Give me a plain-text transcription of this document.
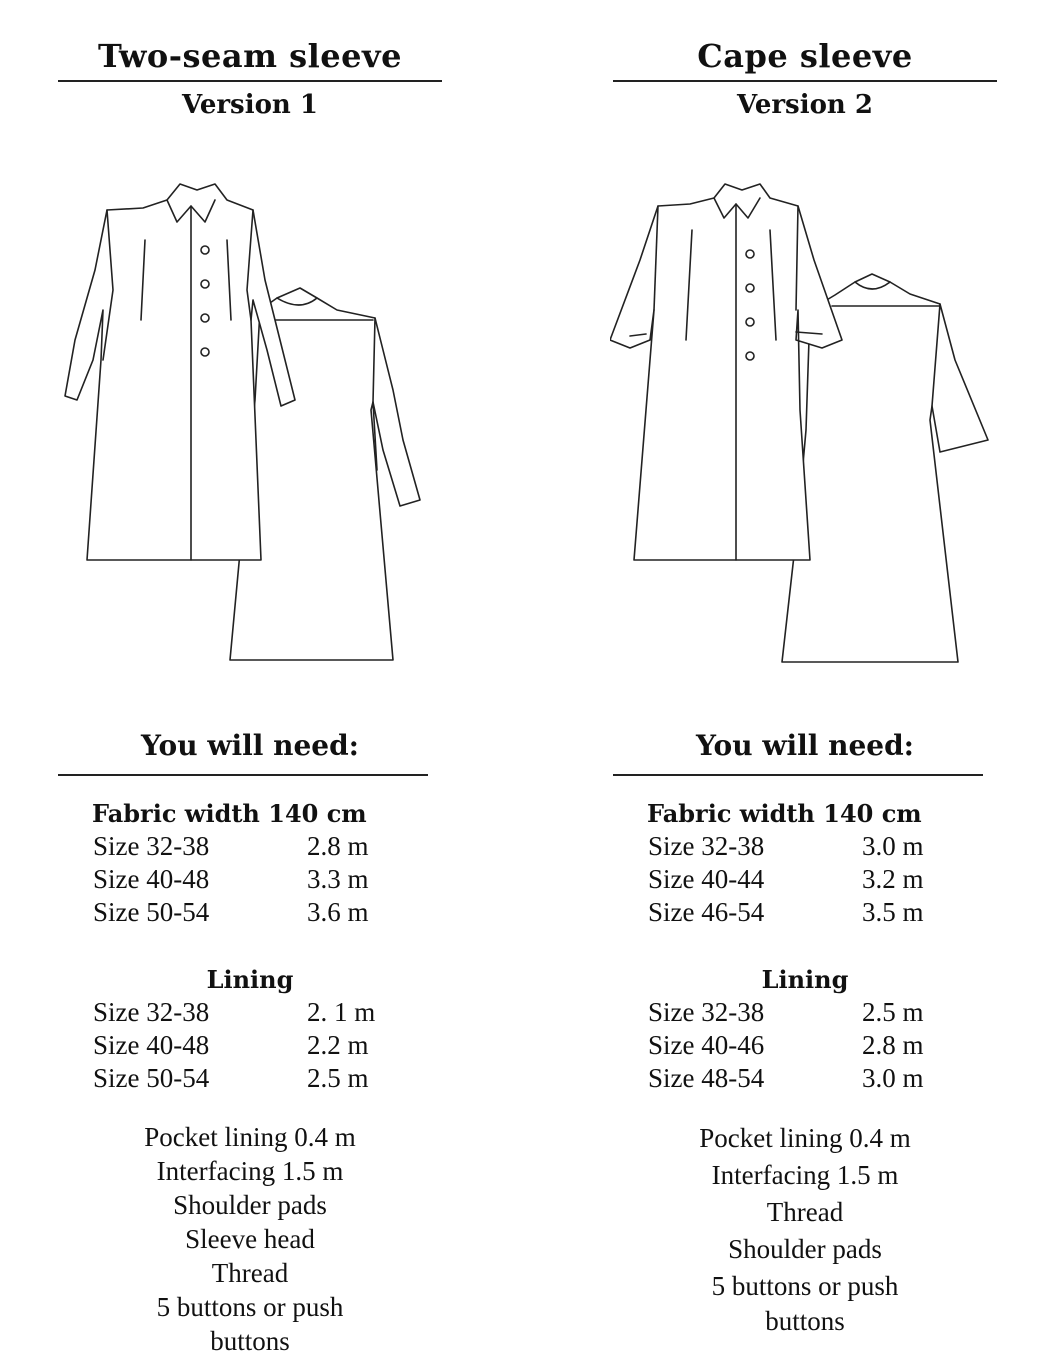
Two-seam sleeve
Version 1
You will need:
Fabric width 140 cm
Size 32-38	2.8 m
Size 40-48	3.3 m
Size 50-54	3.6 m
Lining
Size 32-38	2. 1 m
Size 40-48	2.2 m
Size 50-54	2.5 m
Pocket lining 0.4 m
Interfacing 1.5 m
Shoulder pads
Sleeve head
Thread
5 buttons or push
buttons
Cape sleeve
Version 2
You will need:
Fabric width 140 cm
Size 32-38	3.0 m
Size 40-44	3.2 m
Size 46-54	3.5 m
Lining
Size 32-38	2.5 m
Size 40-46	2.8 m
Size 48-54	3.0 m
Pocket lining 0.4 m
Interfacing 1.5 m
Thread
Shoulder pads
5 buttons or push
buttons
